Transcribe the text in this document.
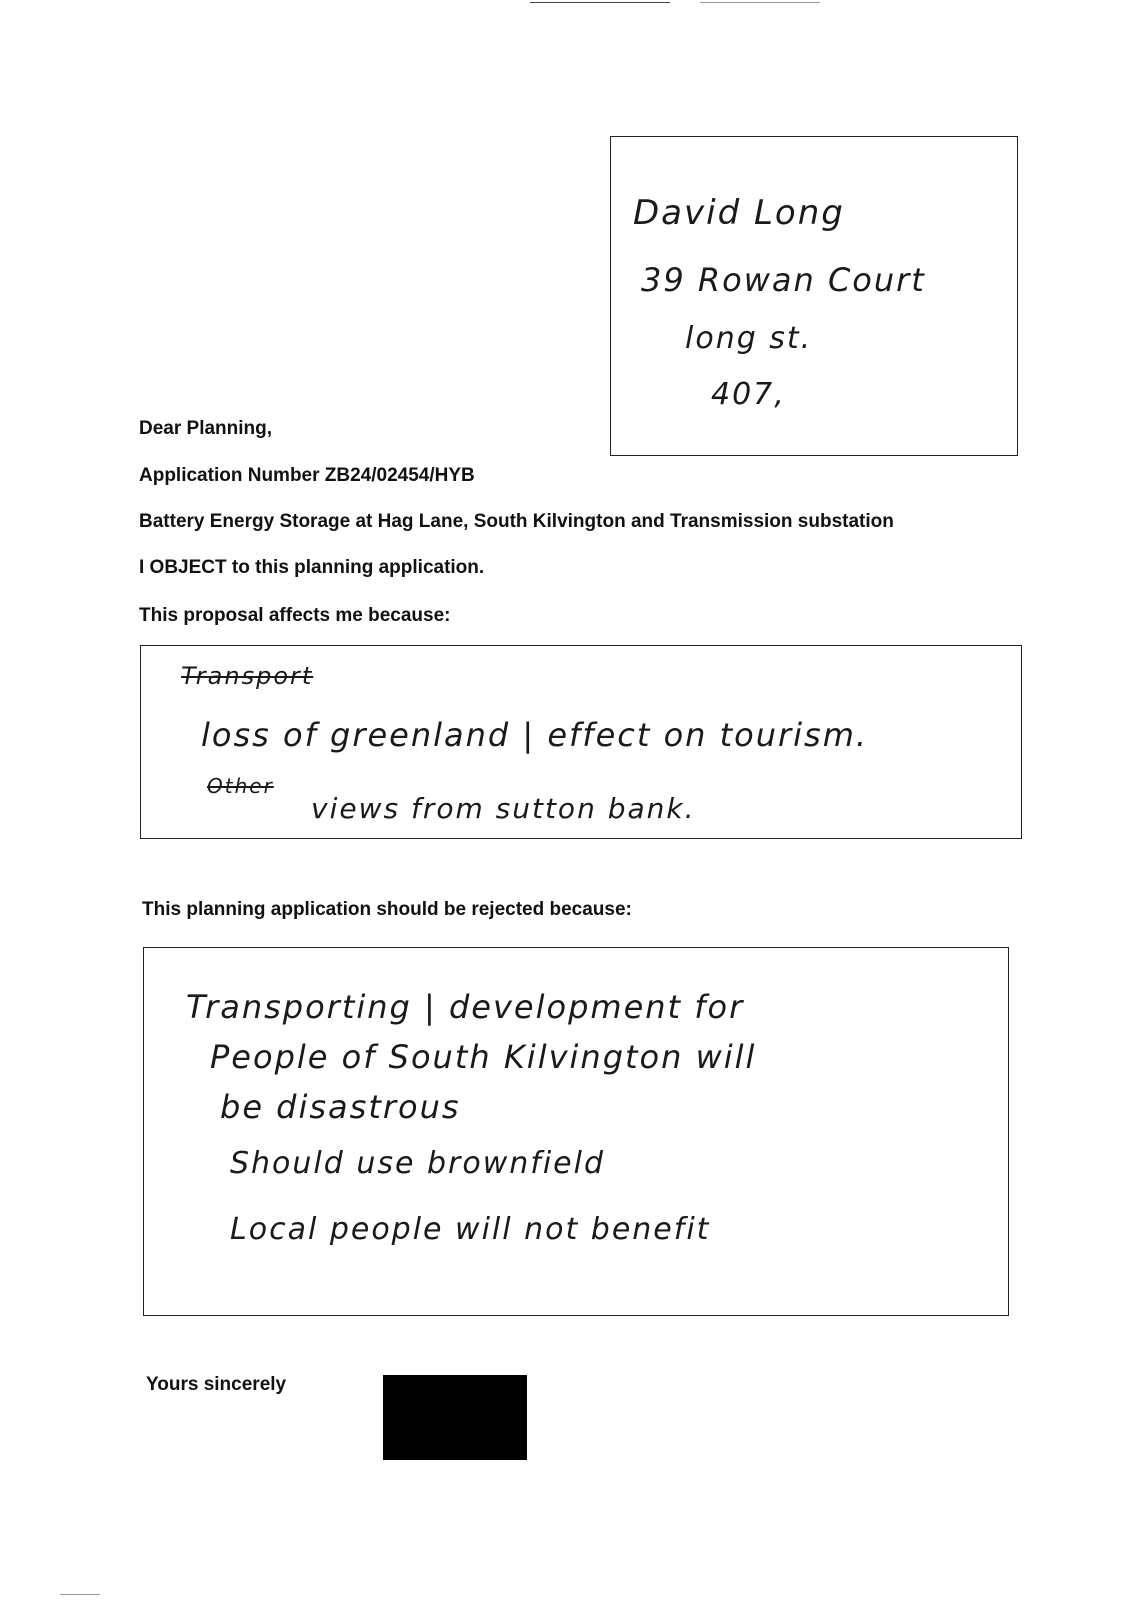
David Long
39 Rowan Court
long st.
407,
Dear Planning,
Application Number ZB24/02454/HYB
Battery Energy Storage at Hag Lane, South Kilvington and Transmission substation
I OBJECT to this planning application.
This proposal affects me because:
Transport
loss of greenland | effect on tourism.
Other
views from sutton bank.
This planning application should be rejected because:
Transporting | development for
People of South Kilvington will
be disastrous
Should use brownfield
Local people will not benefit
Yours sincerely
